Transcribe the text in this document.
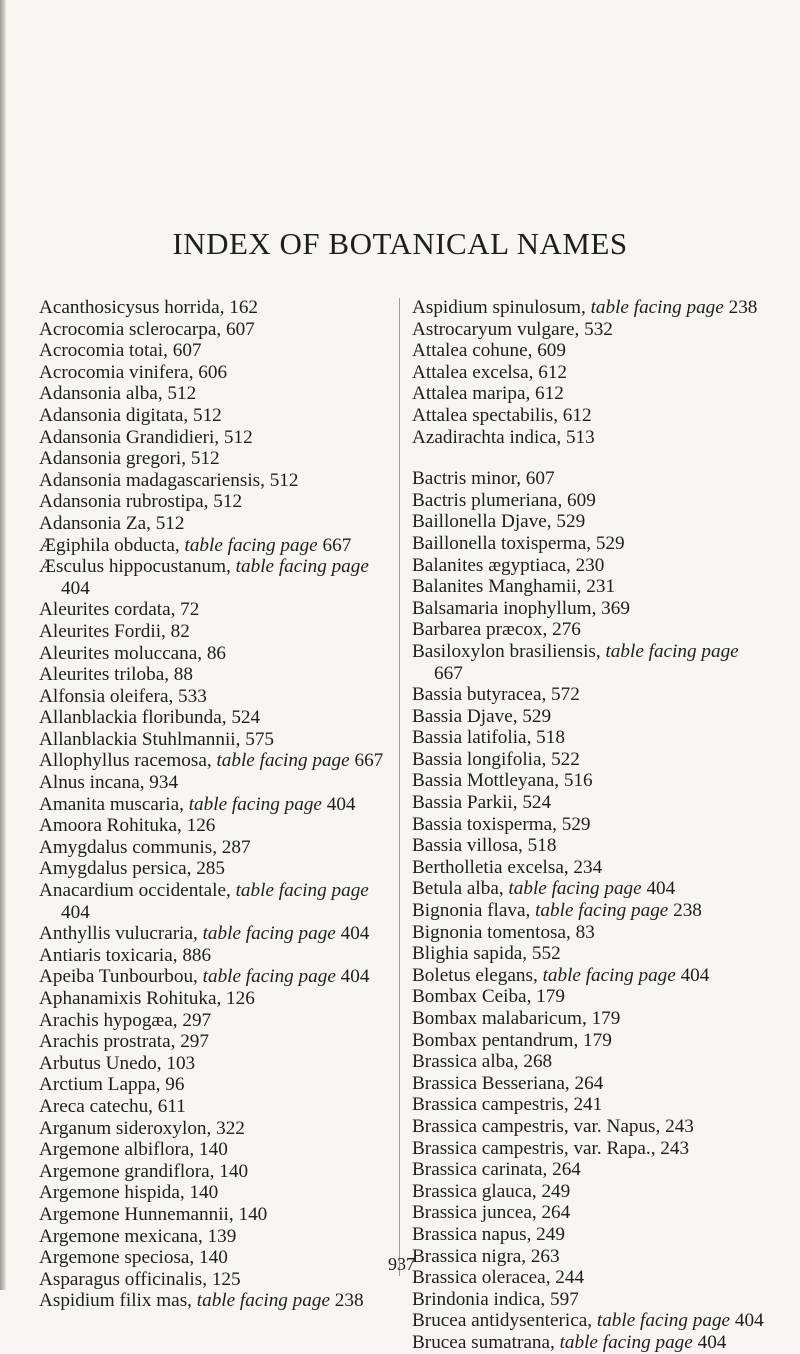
INDEX OF BOTANICAL NAMES
Acanthosicysus horrida, 162
Acrocomia sclerocarpa, 607
Acrocomia totai, 607
Acrocomia vinifera, 606
Adansonia alba, 512
Adansonia digitata, 512
Adansonia Grandidieri, 512
Adansonia gregori, 512
Adansonia madagascariensis, 512
Adansonia rubrostipa, 512
Adansonia Za, 512
Ægiphila obducta, table facing page 667
Æsculus hippocustanum, table facing page 404
Aleurites cordata, 72
Aleurites Fordii, 82
Aleurites moluccana, 86
Aleurites triloba, 88
Alfonsia oleifera, 533
Allanblackia floribunda, 524
Allanblackia Stuhlmannii, 575
Allophyllus racemosa, table facing page 667
Alnus incana, 934
Amanita muscaria, table facing page 404
Amoora Rohituka, 126
Amygdalus communis, 287
Amygdalus persica, 285
Anacardium occidentale, table facing page 404
Anthyllis vulucraria, table facing page 404
Antiaris toxicaria, 886
Apeiba Tunbourbou, table facing page 404
Aphanamixis Rohituka, 126
Arachis hypogæa, 297
Arachis prostrata, 297
Arbutus Unedo, 103
Arctium Lappa, 96
Areca catechu, 611
Arganum sideroxylon, 322
Argemone albiflora, 140
Argemone grandiflora, 140
Argemone hispida, 140
Argemone Hunnemannii, 140
Argemone mexicana, 139
Argemone speciosa, 140
Asparagus officinalis, 125
Aspidium filix mas, table facing page 238
Aspidium spinulosum, table facing page 238
Astrocaryum vulgare, 532
Attalea cohune, 609
Attalea excelsa, 612
Attalea maripa, 612
Attalea spectabilis, 612
Azadirachta indica, 513
Bactris minor, 607
Bactris plumeriana, 609
Baillonella Djave, 529
Baillonella toxisperma, 529
Balanites ægyptiaca, 230
Balanites Manghamii, 231
Balsamaria inophyllum, 369
Barbarea præcox, 276
Basiloxylon brasiliensis, table facing page 667
Bassia butyracea, 572
Bassia Djave, 529
Bassia latifolia, 518
Bassia longifolia, 522
Bassia Mottleyana, 516
Bassia Parkii, 524
Bassia toxisperma, 529
Bassia villosa, 518
Bertholletia excelsa, 234
Betula alba, table facing page 404
Bignonia flava, table facing page 238
Bignonia tomentosa, 83
Blighia sapida, 552
Boletus elegans, table facing page 404
Bombax Ceiba, 179
Bombax malabaricum, 179
Bombax pentandrum, 179
Brassica alba, 268
Brassica Besseriana, 264
Brassica campestris, 241
Brassica campestris, var. Napus, 243
Brassica campestris, var. Rapa., 243
Brassica carinata, 264
Brassica glauca, 249
Brassica juncea, 264
Brassica napus, 249
Brassica nigra, 263
Brassica oleracea, 244
Brindonia indica, 597
Brucea antidysenterica, table facing page 404
Brucea sumatrana, table facing page 404
937
